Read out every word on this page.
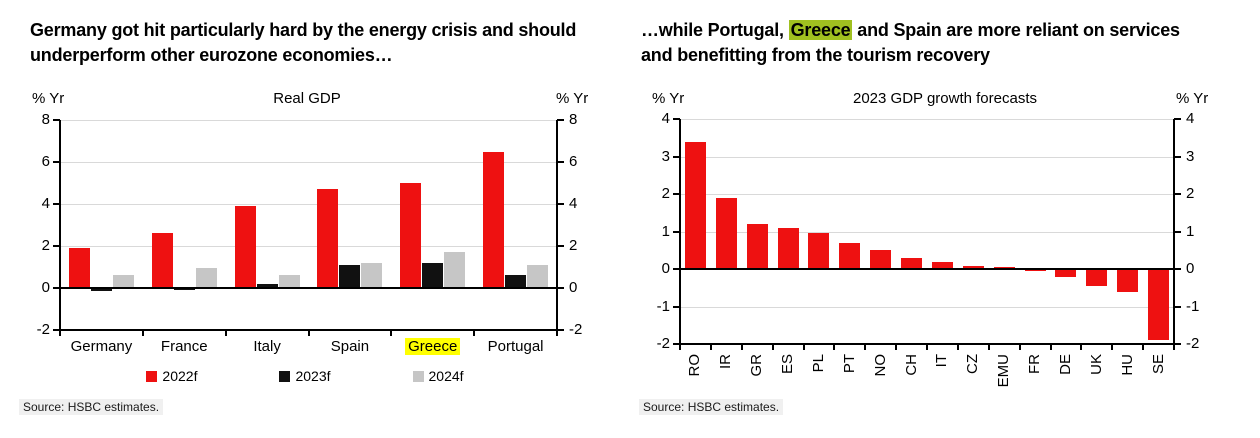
Germany got hit particularly hard by the energy crisis and should underperform other eurozone economies…
% Yr	Real GDP	% Yr
-2	-2
0	0
2	2
4	4
6	6
8	8
Germany	France	Italy	Spain	Greece	Portugal
2022f	2023f	2024f
Source: HSBC estimates.
…while Portugal, Greece and Spain are more reliant on services and benefitting from the tourism recovery
% Yr	2023 GDP growth forecasts	% Yr
-2	-2
-1	-1
0	0
1	1
2	2
3	3
4	4
RO IR GR ES PL PT NO CH IT CZ EMU FR DE UK HU SE
Source: HSBC estimates.
